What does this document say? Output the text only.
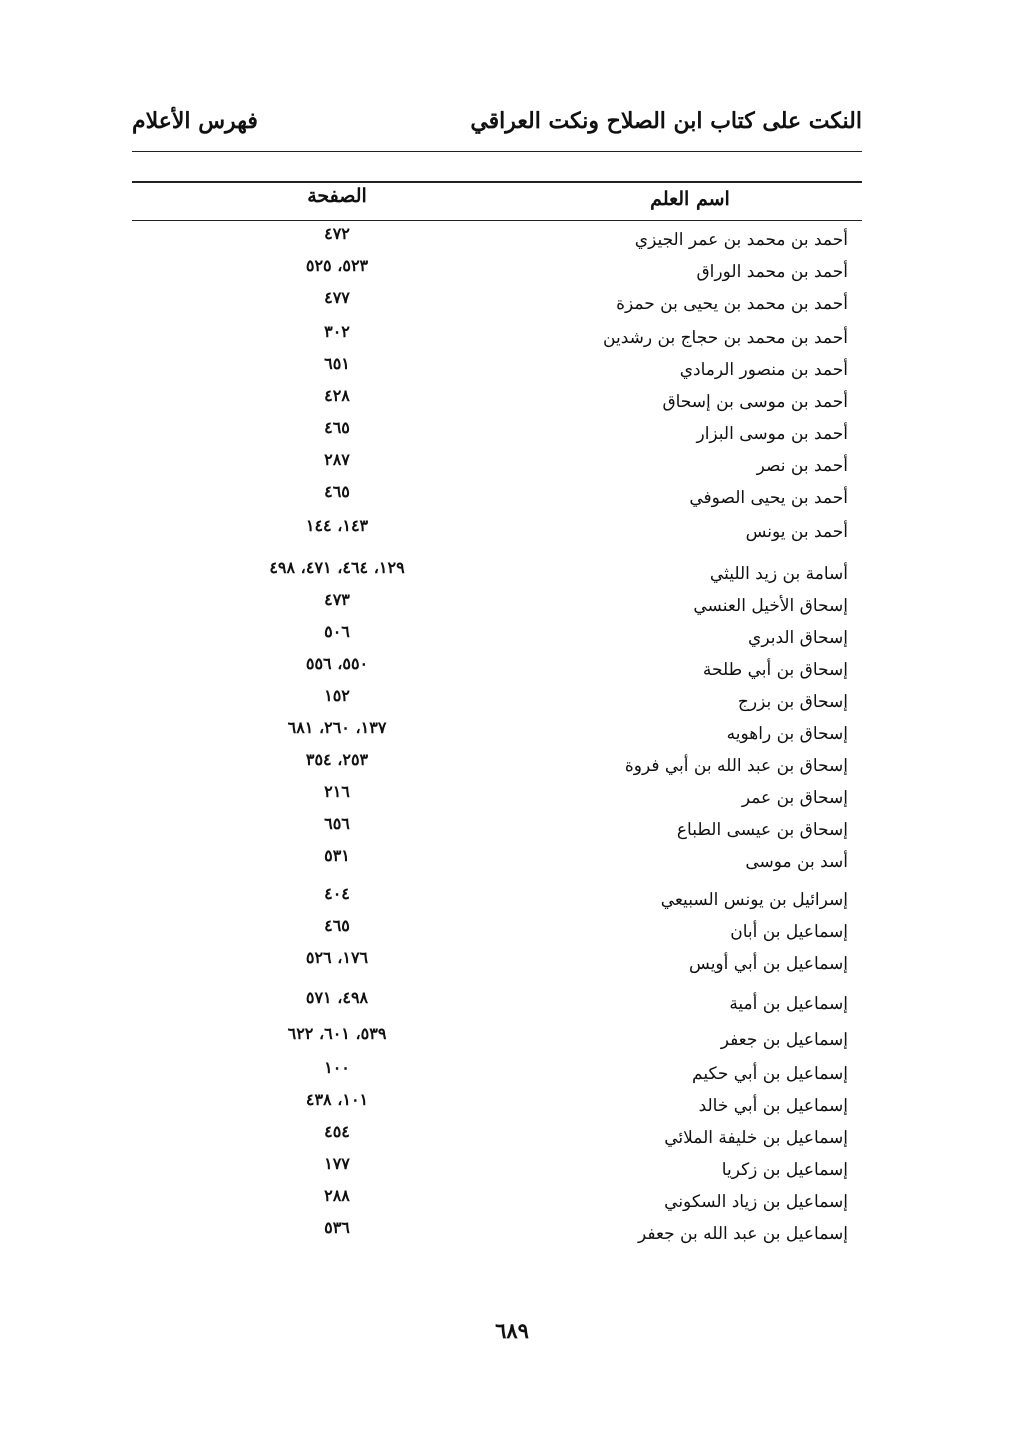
النكت على كتاب ابن الصلاح ونكت العراقي
فهرس الأعلام
اسم العلم
الصفحة
أحمد بن محمد بن عمر الجيزي
٤٧٢
أحمد بن محمد الوراق
٥٢٣، ٥٢٥
أحمد بن محمد بن يحيى بن حمزة
٤٧٧
أحمد بن محمد بن حجاج بن رشدين
٣٠٢
أحمد بن منصور الرمادي
٦٥١
أحمد بن موسى بن إسحاق
٤٢٨
أحمد بن موسى البزار
٤٦٥
أحمد بن نصر
٢٨٧
أحمد بن يحيى الصوفي
٤٦٥
أحمد بن يونس
١٤٣، ١٤٤
أسامة بن زيد الليثي
١٢٩، ٤٦٤، ٤٧١، ٤٩٨
إسحاق الأخيل العنسي
٤٧٣
إسحاق الدبري
٥٠٦
إسحاق بن أبي طلحة
٥٥٠، ٥٥٦
إسحاق بن بزرج
١٥٢
إسحاق بن راهويه
١٣٧، ٢٦٠، ٦٨١
إسحاق بن عبد الله بن أبي فروة
٢٥٣، ٣٥٤
إسحاق بن عمر
٢١٦
إسحاق بن عيسى الطباع
٦٥٦
أسد بن موسى
٥٣١
إسرائيل بن يونس السبيعي
٤٠٤
إسماعيل بن أبان
٤٦٥
إسماعيل بن أبي أويس
١٧٦، ٥٢٦
إسماعيل بن أمية
٤٩٨، ٥٧١
إسماعيل بن جعفر
٥٣٩، ٦٠١، ٦٢٢
إسماعيل بن أبي حكيم
١٠٠
إسماعيل بن أبي خالد
١٠١، ٤٣٨
إسماعيل بن خليفة الملائي
٤٥٤
إسماعيل بن زكريا
١٧٧
إسماعيل بن زياد السكوني
٢٨٨
إسماعيل بن عبد الله بن جعفر
٥٣٦
٦٨٩
